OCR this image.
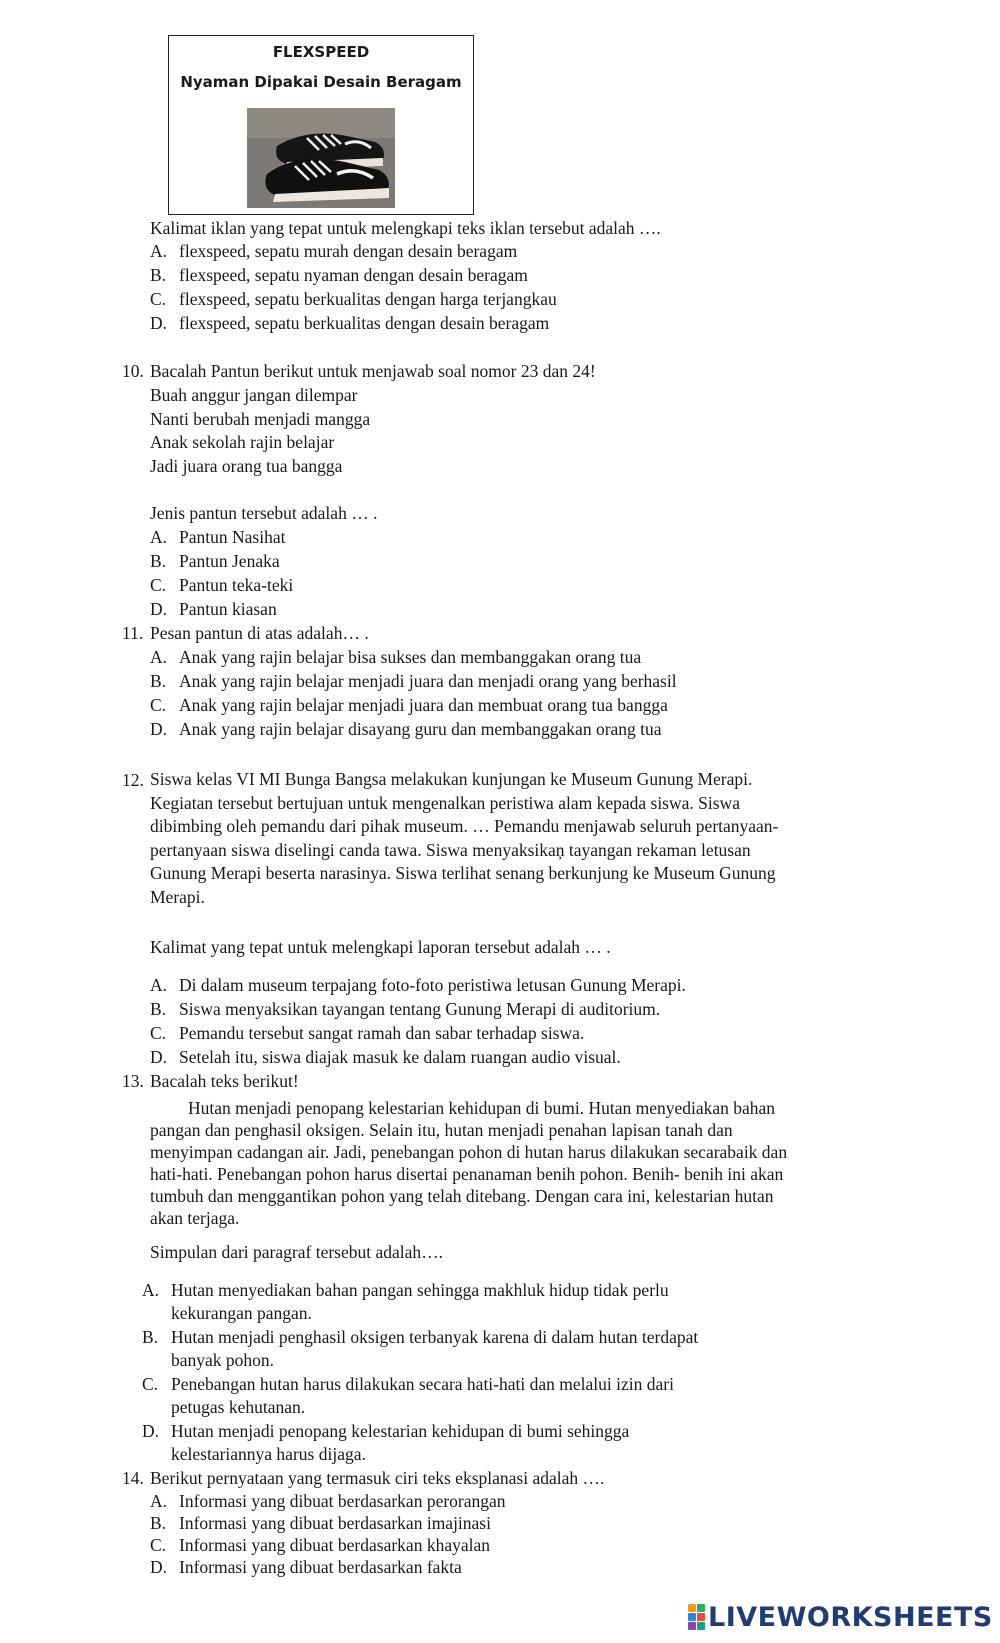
FLEXSPEED
Nyaman Dipakai Desain Beragam
Kalimat iklan yang tepat untuk melengkapi teks iklan tersebut adalah ….
A. flexspeed, sepatu murah dengan desain beragam
B. flexspeed, sepatu nyaman dengan desain beragam
C. flexspeed, sepatu berkualitas dengan harga terjangkau
D. flexspeed, sepatu berkualitas dengan desain beragam
10. Bacalah Pantun berikut untuk menjawab soal nomor 23 dan 24!
Buah anggur jangan dilempar
Nanti berubah menjadi mangga
Anak sekolah rajin belajar
Jadi juara orang tua bangga
Jenis pantun tersebut adalah … .
A. Pantun Nasihat
B. Pantun Jenaka
C. Pantun teka-teki
D. Pantun kiasan
11. Pesan pantun di atas adalah… .
A. Anak yang rajin belajar bisa sukses dan membanggakan orang tua
B. Anak yang rajin belajar menjadi juara dan menjadi orang yang berhasil
C. Anak yang rajin belajar menjadi juara dan membuat orang tua bangga
D. Anak yang rajin belajar disayang guru dan membanggakan orang tua
12. Siswa kelas VI MI Bunga Bangsa melakukan kunjungan ke Museum Gunung Merapi.
Kegiatan tersebut bertujuan untuk mengenalkan peristiwa alam kepada siswa. Siswa
dibimbing oleh pemandu dari pihak museum. … Pemandu menjawab seluruh pertanyaan-
pertanyaan siswa diselingi canda tawa. Siswa menyaksikaņ tayangan rekaman letusan
Gunung Merapi beserta narasinya. Siswa terlihat senang berkunjung ke Museum Gunung
Merapi.
Kalimat yang tepat untuk melengkapi laporan tersebut adalah … .
A. Di dalam museum terpajang foto-foto peristiwa letusan Gunung Merapi.
B. Siswa menyaksikan tayangan tentang Gunung Merapi di auditorium.
C. Pemandu tersebut sangat ramah dan sabar terhadap siswa.
D. Setelah itu, siswa diajak masuk ke dalam ruangan audio visual.
13. Bacalah teks berikut!
Hutan menjadi penopang kelestarian kehidupan di bumi. Hutan menyediakan bahan
pangan dan penghasil oksigen. Selain itu, hutan menjadi penahan lapisan tanah dan
menyimpan cadangan air. Jadi, penebangan pohon di hutan harus dilakukan secarabaik dan
hati-hati. Penebangan pohon harus disertai penanaman benih pohon. Benih- benih ini akan
tumbuh dan menggantikan pohon yang telah ditebang. Dengan cara ini, kelestarian hutan
akan terjaga.
Simpulan dari paragraf tersebut adalah….
A. Hutan menyediakan bahan pangan sehingga makhluk hidup tidak perlu
kekurangan pangan.
B. Hutan menjadi penghasil oksigen terbanyak karena di dalam hutan terdapat
banyak pohon.
C. Penebangan hutan harus dilakukan secara hati-hati dan melalui izin dari
petugas kehutanan.
D. Hutan menjadi penopang kelestarian kehidupan di bumi sehingga
kelestariannya harus dijaga.
14. Berikut pernyataan yang termasuk ciri teks eksplanasi adalah ….
A. Informasi yang dibuat berdasarkan perorangan
B. Informasi yang dibuat berdasarkan imajinasi
C. Informasi yang dibuat berdasarkan khayalan
D. Informasi yang dibuat berdasarkan fakta
LIVEWORKSHEETS
